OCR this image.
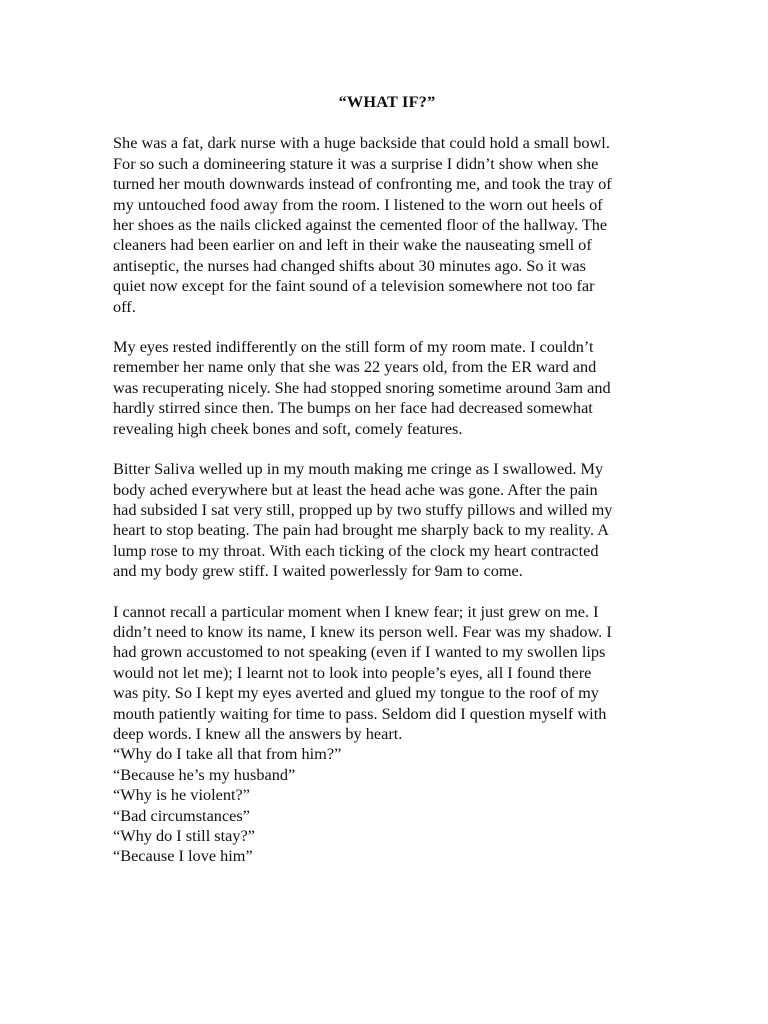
“WHAT IF?”
She was a fat, dark nurse with a huge backside that could hold a small bowl.
For so such a domineering stature it was a surprise I didn’t show when she
turned her mouth downwards instead of confronting me, and took the tray of
my untouched food away from the room. I listened to the worn out heels of
her shoes as the nails clicked against the cemented floor of the hallway. The
cleaners had been earlier on and left in their wake the nauseating smell of
antiseptic, the nurses had changed shifts about 30 minutes ago. So it was
quiet now except for the faint sound of a television somewhere not too far
off.
My eyes rested indifferently on the still form of my room mate. I couldn’t
remember her name only that she was 22 years old, from the ER ward and
was recuperating nicely. She had stopped snoring sometime around 3am and
hardly stirred since then. The bumps on her face had decreased somewhat
revealing high cheek bones and soft, comely features.
Bitter Saliva welled up in my mouth making me cringe as I swallowed. My
body ached everywhere but at least the head ache was gone. After the pain
had subsided I sat very still, propped up by two stuffy pillows and willed my
heart to stop beating. The pain had brought me sharply back to my reality. A
lump rose to my throat. With each ticking of the clock my heart contracted
and my body grew stiff. I waited powerlessly for 9am to come.
I cannot recall a particular moment when I knew fear; it just grew on me. I
didn’t need to know its name, I knew its person well. Fear was my shadow. I
had grown accustomed to not speaking (even if I wanted to my swollen lips
would not let me); I learnt not to look into people’s eyes, all I found there
was pity. So I kept my eyes averted and glued my tongue to the roof of my
mouth patiently waiting for time to pass. Seldom did I question myself with
deep words. I knew all the answers by heart.
“Why do I take all that from him?”
“Because he’s my husband”
“Why is he violent?”
“Bad circumstances”
“Why do I still stay?”
“Because I love him”
